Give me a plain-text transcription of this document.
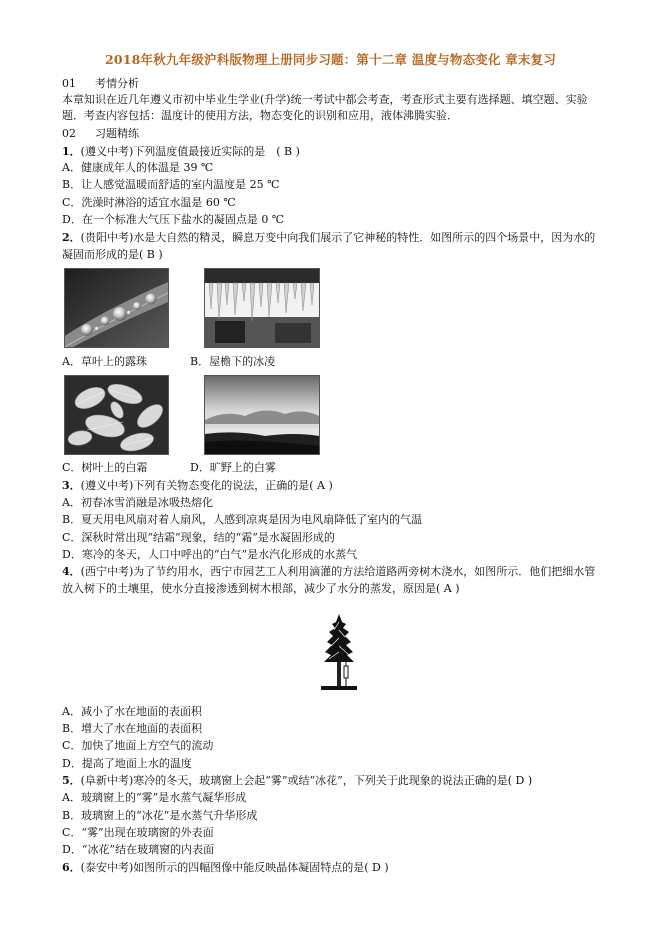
2018年秋九年级沪科版物理上册同步习题：第十二章 温度与物态变化 章末复习
01 考情分析
本章知识在近几年遵义市初中毕业生学业(升学)统一考试中都会考查，考查形式主要有选择题、填空题、实验
题．考查内容包括：温度计的使用方法，物态变化的识别和应用，液体沸腾实验．
02 习题精练
1．(遵义中考)下列温度值最接近实际的是　( B )
A．健康成年人的体温是 39 ℃
B．让人感觉温暖而舒适的室内温度是 25 ℃
C．洗澡时淋浴的适宜水温是 60 ℃
D．在一个标准大气压下盐水的凝固点是 0 ℃
2．(贵阳中考)水是大自然的精灵，瞬息万变中向我们展示了它神秘的特性．如图所示的四个场景中，因为水的
凝固而形成的是( B )
A．草叶上的露珠	B．屋檐下的冰凌
C．树叶上的白霜	D．旷野上的白雾
3．(遵义中考)下列有关物态变化的说法，正确的是( A )
A．初春冰雪消融是冰吸热熔化
B．夏天用电风扇对着人扇风，人感到凉爽是因为电风扇降低了室内的气温
C．深秋时常出现“结霜”现象，结的“霜”是水凝固形成的
D．寒冷的冬天，人口中呼出的“白气”是水汽化形成的水蒸气
4．(西宁中考)为了节约用水，西宁市园艺工人利用滴灌的方法给道路两旁树木浇水，如图所示．他们把细水管
放入树下的土壤里，使水分直接渗透到树木根部，减少了水分的蒸发，原因是( A )
A．减小了水在地面的表面积
B．增大了水在地面的表面积
C．加快了地面上方空气的流动
D．提高了地面上水的温度
5．(阜新中考)寒冷的冬天，玻璃窗上会起“雾”或结“冰花”，下列关于此现象的说法正确的是( D )
A．玻璃窗上的“雾”是水蒸气凝华形成
B．玻璃窗上的“冰花”是水蒸气升华形成
C．“雾”出现在玻璃窗的外表面
D．“冰花”结在玻璃窗的内表面
6．(泰安中考)如图所示的四幅图像中能反映晶体凝固特点的是( D )
